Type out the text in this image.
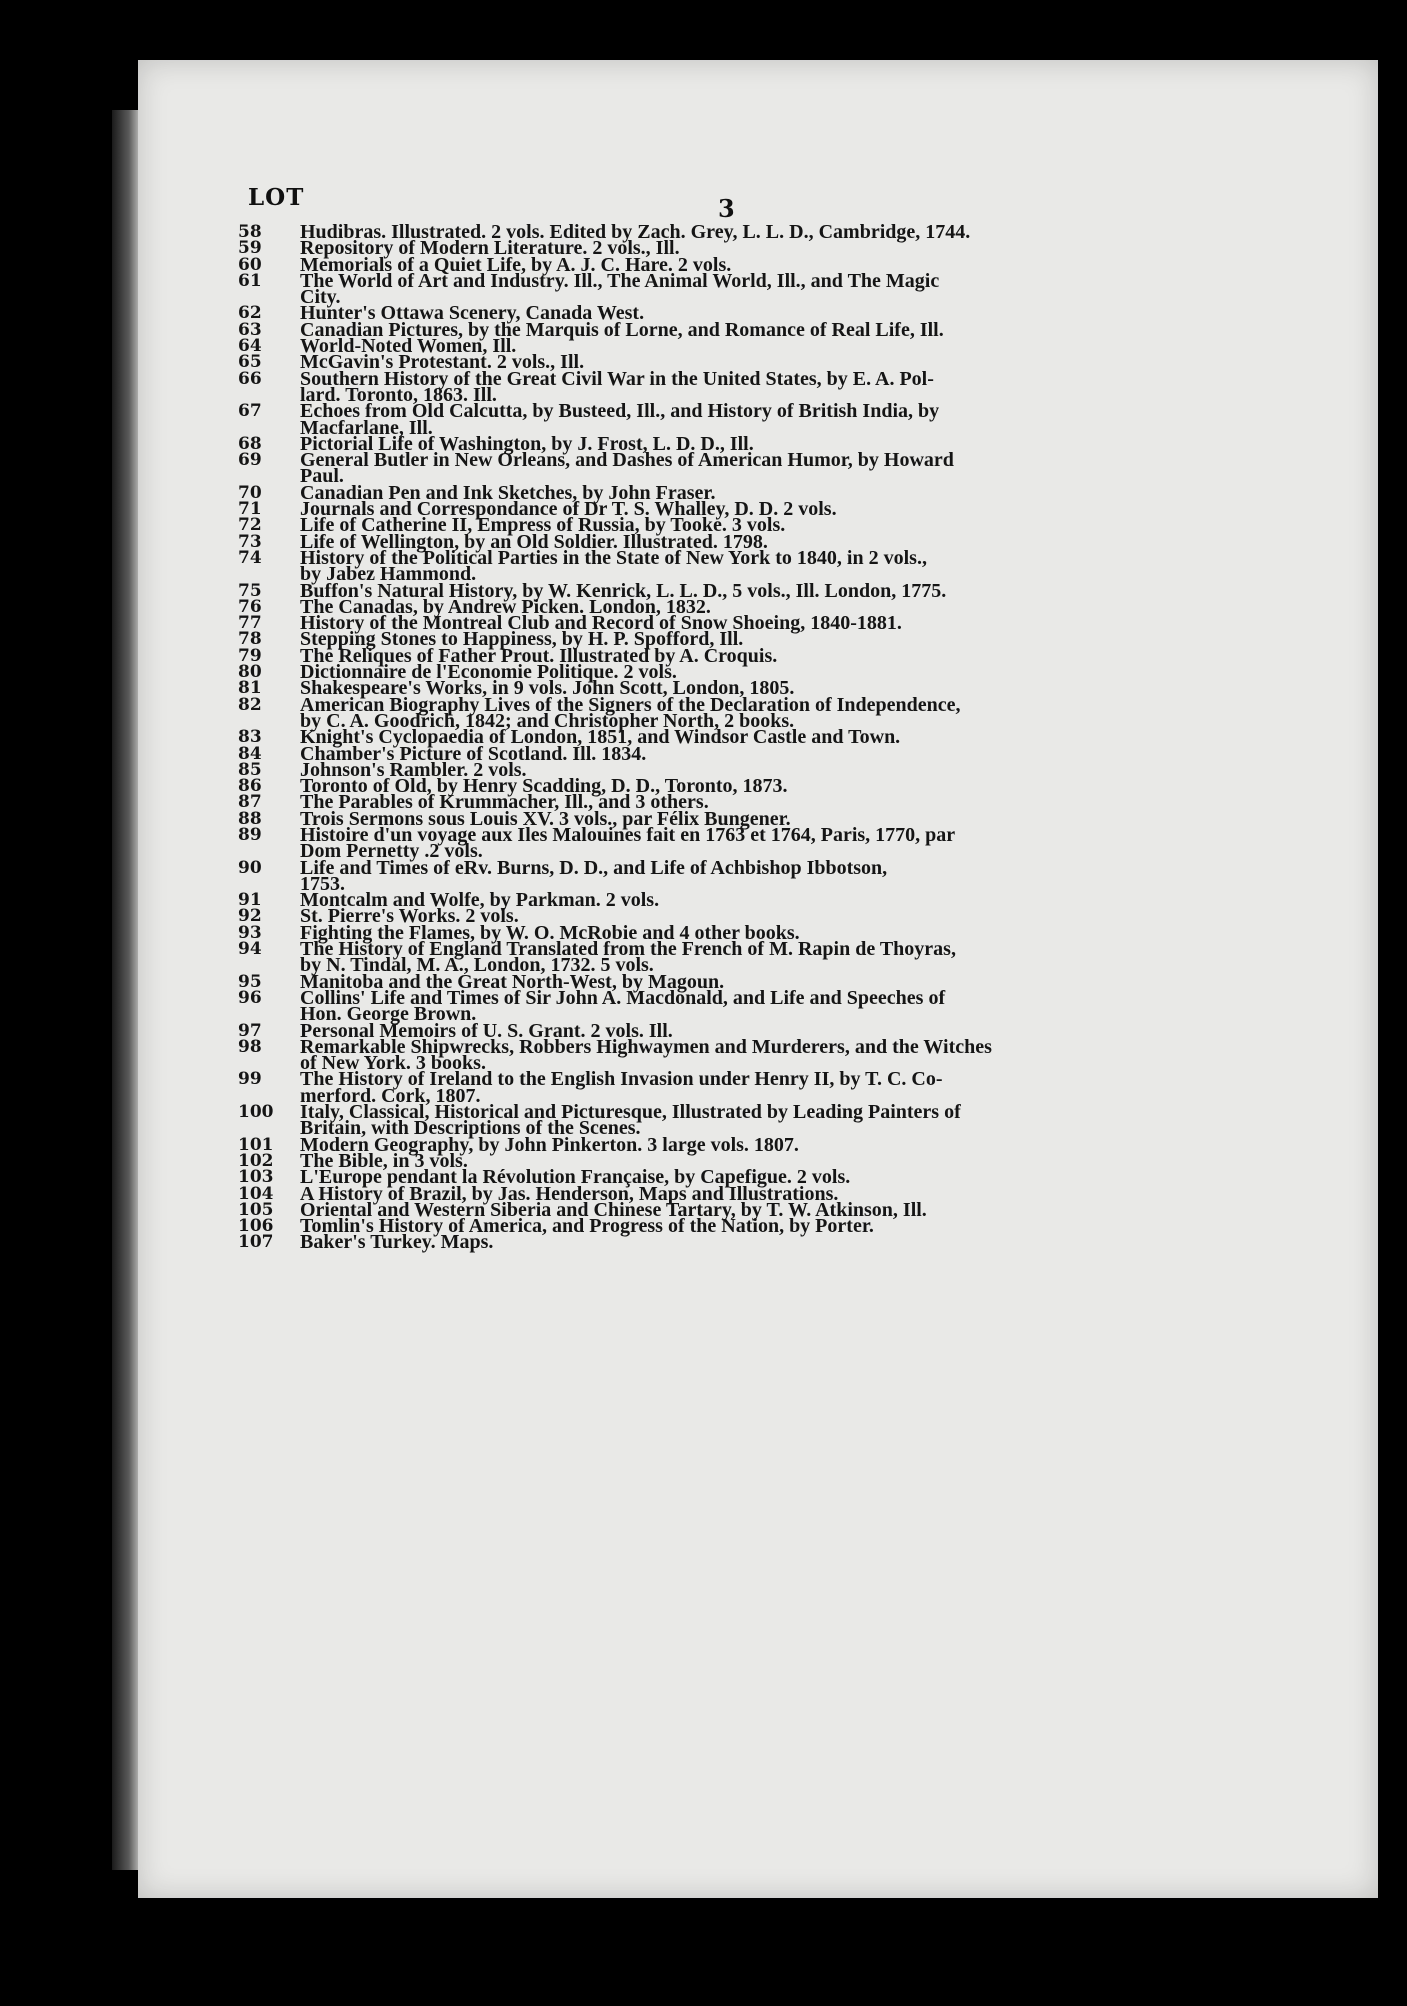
LOT	3
58	Hudibras. Illustrated. 2 vols. Edited by Zach. Grey, L. L. D., Cambridge, 1744.
59	Repository of Modern Literature. 2 vols., Ill.
60	Memorials of a Quiet Life, by A. J. C. Hare. 2 vols.
61	The World of Art and Industry. Ill., The Animal World, Ill., and The Magic
City.
62	Hunter's Ottawa Scenery, Canada West.
63	Canadian Pictures, by the Marquis of Lorne, and Romance of Real Life, Ill.
64	World-Noted Women, Ill.
65	McGavin's Protestant. 2 vols., Ill.
66	Southern History of the Great Civil War in the United States, by E. A. Pol-
lard. Toronto, 1863. Ill.
67	Echoes from Old Calcutta, by Busteed, Ill., and History of British India, by
Macfarlane, Ill.
68	Pictorial Life of Washington, by J. Frost, L. D. D., Ill.
69	General Butler in New Orleans, and Dashes of American Humor, by Howard
Paul.
70	Canadian Pen and Ink Sketches, by John Fraser.
71	Journals and Correspondance of Dr T. S. Whalley, D. D. 2 vols.
72	Life of Catherine II, Empress of Russia, by Tooke. 3 vols.
73	Life of Wellington, by an Old Soldier. Illustrated. 1798.
74	History of the Political Parties in the State of New York to 1840, in 2 vols.,
by Jabez Hammond.
75	Buffon's Natural History, by W. Kenrick, L. L. D., 5 vols., Ill. London, 1775.
76	The Canadas, by Andrew Picken. London, 1832.
77	History of the Montreal Club and Record of Snow Shoeing, 1840-1881.
78	Stepping Stones to Happiness, by H. P. Spofford, Ill.
79	The Reliques of Father Prout. Illustrated by A. Croquis.
80	Dictionnaire de l'Economie Politique. 2 vols.
81	Shakespeare's Works, in 9 vols. John Scott, London, 1805.
82	American Biography Lives of the Signers of the Declaration of Independence,
by C. A. Goodrich, 1842; and Christopher North, 2 books.
83	Knight's Cyclopaedia of London, 1851, and Windsor Castle and Town.
84	Chamber's Picture of Scotland. Ill. 1834.
85	Johnson's Rambler. 2 vols.
86	Toronto of Old, by Henry Scadding, D. D., Toronto, 1873.
87	The Parables of Krummacher, Ill., and 3 others.
88	Trois Sermons sous Louis XV. 3 vols., par Félix Bungener.
89	Histoire d'un voyage aux Iles Malouines fait en 1763 et 1764, Paris, 1770, par
Dom Pernetty .2 vols.
90	Life and Times of eRv. Burns, D. D., and Life of Achbishop Ibbotson,
1753.
91	Montcalm and Wolfe, by Parkman. 2 vols.
92	St. Pierre's Works. 2 vols.
93	Fighting the Flames, by W. O. McRobie and 4 other books.
94	The History of England Translated from the French of M. Rapin de Thoyras,
by N. Tindal, M. A., London, 1732. 5 vols.
95	Manitoba and the Great North-West, by Magoun.
96	Collins' Life and Times of Sir John A. Macdonald, and Life and Speeches of
Hon. George Brown.
97	Personal Memoirs of U. S. Grant. 2 vols. Ill.
98	Remarkable Shipwrecks, Robbers Highwaymen and Murderers, and the Witches
of New York. 3 books.
99	The History of Ireland to the English Invasion under Henry II, by T. C. Co-
merford. Cork, 1807.
100	Italy, Classical, Historical and Picturesque, Illustrated by Leading Painters of
Britain, with Descriptions of the Scenes.
101	Modern Geography, by John Pinkerton. 3 large vols. 1807.
102	The Bible, in 3 vols.
103	L'Europe pendant la Révolution Française, by Capefigue. 2 vols.
104	A History of Brazil, by Jas. Henderson, Maps and Illustrations.
105	Oriental and Western Siberia and Chinese Tartary, by T. W. Atkinson, Ill.
106	Tomlin's History of America, and Progress of the Nation, by Porter.
107	Baker's Turkey. Maps.
